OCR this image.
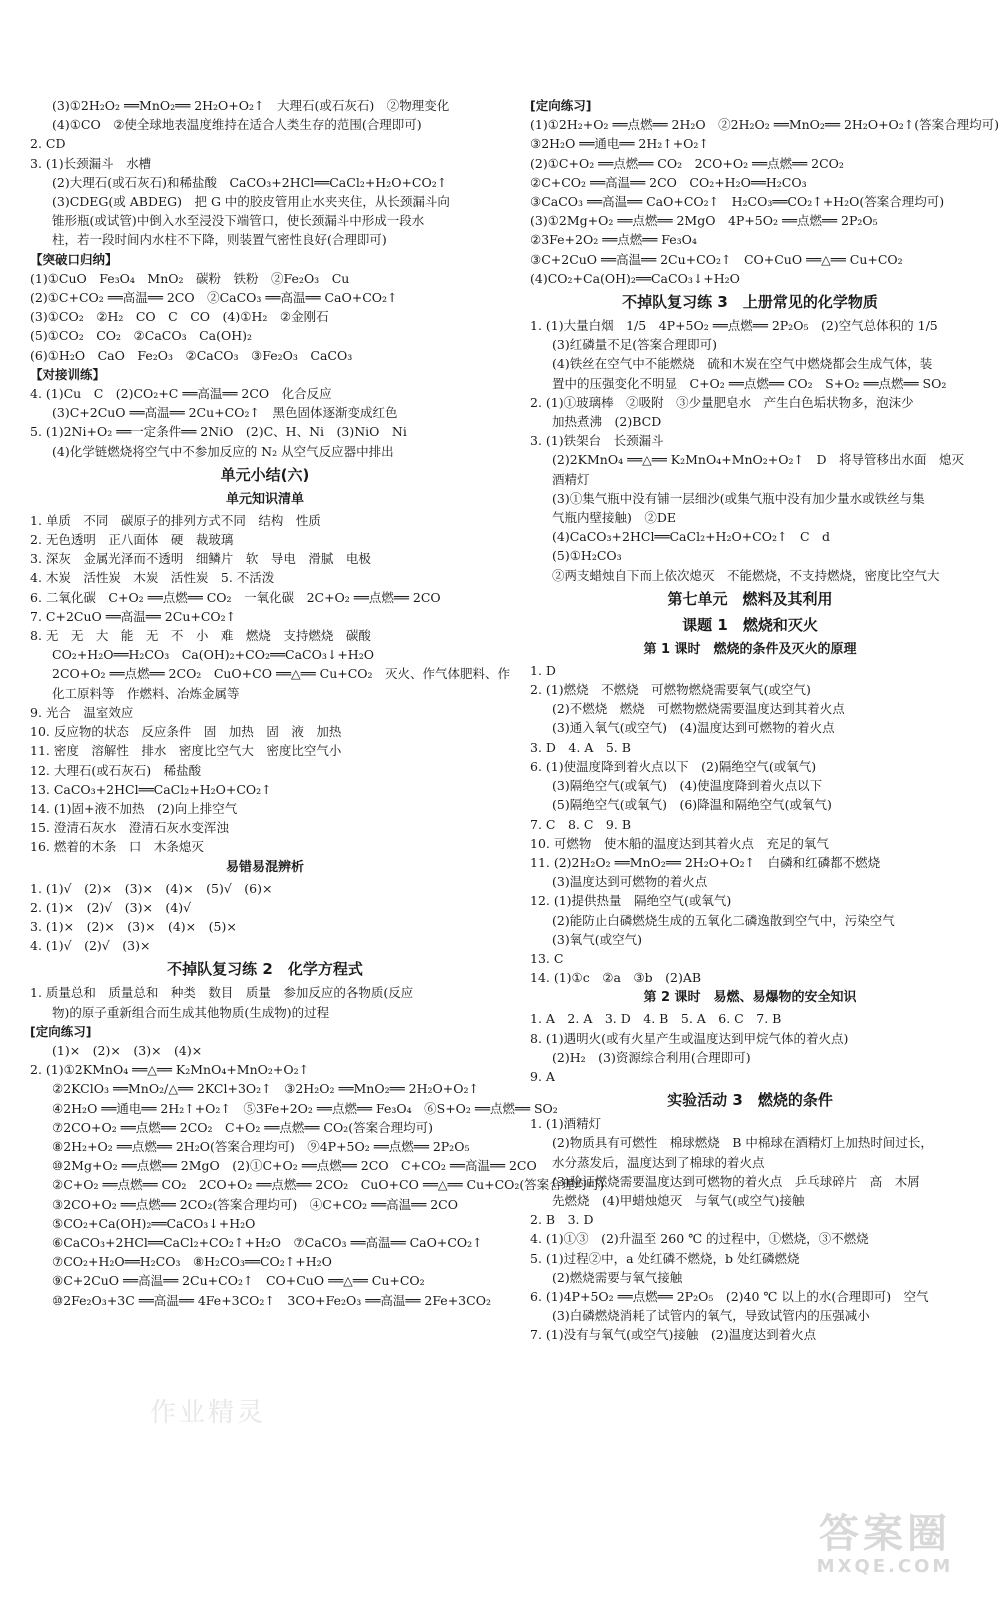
(3)①2H₂O₂ ══MnO₂══ 2H₂O+O₂↑　大理石(或石灰石)　②物理变化
(4)①CO　②使全球地表温度维持在适合人类生存的范围(合理即可)
2. CD
3. (1)长颈漏斗　水槽
(2)大理石(或石灰石)和稀盐酸　CaCO₃+2HCl══CaCl₂+H₂O+CO₂↑
(3)CDEG(或 ABDEG)　把 G 中的胶皮管用止水夹夹住，从长颈漏斗向
锥形瓶(或试管)中倒入水至浸没下端管口，使长颈漏斗中形成一段水
柱，若一段时间内水柱不下降，则装置气密性良好(合理即可)
【突破口归纳】
(1)①CuO　Fe₃O₄　MnO₂　碳粉　铁粉　②Fe₂O₃　Cu
(2)①C+CO₂ ══高温══ 2CO　②CaCO₃ ══高温══ CaO+CO₂↑
(3)①CO₂　②H₂　CO　C　CO　(4)①H₂　②金刚石
(5)①CO₂　CO₂　②CaCO₃　Ca(OH)₂
(6)①H₂O　CaO　Fe₂O₃　②CaCO₃　③Fe₂O₃　CaCO₃
【对接训练】
4. (1)Cu　C　(2)CO₂+C ══高温══ 2CO　化合反应
(3)C+2CuO ══高温══ 2Cu+CO₂↑　黑色固体逐渐变成红色
5. (1)2Ni+O₂ ══一定条件══ 2NiO　(2)C、H、Ni　(3)NiO　Ni
(4)化学链燃烧将空气中不参加反应的 N₂ 从空气反应器中排出
单元小结(六)
单元知识清单
1. 单质　不同　碳原子的排列方式不同　结构　性质
2. 无色透明　正八面体　硬　裁玻璃
3. 深灰　金属光泽而不透明　细鳞片　软　导电　滑腻　电极
4. 木炭　活性炭　木炭　活性炭　5. 不活泼
6. 二氧化碳　C+O₂ ══点燃══ CO₂　一氧化碳　2C+O₂ ══点燃══ 2CO
7. C+2CuO ══高温══ 2Cu+CO₂↑
8. 无　无　大　能　无　不　小　难　燃烧　支持燃烧　碳酸
CO₂+H₂O══H₂CO₃　Ca(OH)₂+CO₂══CaCO₃↓+H₂O
2CO+O₂ ══点燃══ 2CO₂　CuO+CO ══△══ Cu+CO₂　灭火、作气体肥料、作
化工原料等　作燃料、冶炼金属等
9. 光合　温室效应
10. 反应物的状态　反应条件　固　加热　固　液　加热
11. 密度　溶解性　排水　密度比空气大　密度比空气小
12. 大理石(或石灰石)　稀盐酸
13. CaCO₃+2HCl══CaCl₂+H₂O+CO₂↑
14. (1)固+液不加热　(2)向上排空气
15. 澄清石灰水　澄清石灰水变浑浊
16. 燃着的木条　口　木条熄灭
易错易混辨析
1. (1)√　(2)×　(3)×　(4)×　(5)√　(6)×
2. (1)×　(2)√　(3)×　(4)√
3. (1)×　(2)×　(3)×　(4)×　(5)×
4. (1)√　(2)√　(3)×
不掉队复习练 2　化学方程式
1. 质量总和　质量总和　种类　数目　质量　参加反应的各物质(反应
物)的原子重新组合而生成其他物质(生成物)的过程
[定向练习]
(1)×　(2)×　(3)×　(4)×
2. (1)①2KMnO₄ ══△══ K₂MnO₄+MnO₂+O₂↑
②2KClO₃ ══MnO₂/△══ 2KCl+3O₂↑　③2H₂O₂ ══MnO₂══ 2H₂O+O₂↑
④2H₂O ══通电══ 2H₂↑+O₂↑　⑤3Fe+2O₂ ══点燃══ Fe₃O₄　⑥S+O₂ ══点燃══ SO₂
⑦2CO+O₂ ══点燃══ 2CO₂　C+O₂ ══点燃══ CO₂(答案合理均可)
⑧2H₂+O₂ ══点燃══ 2H₂O(答案合理均可)　⑨4P+5O₂ ══点燃══ 2P₂O₅
⑩2Mg+O₂ ══点燃══ 2MgO　(2)①C+O₂ ══点燃══ 2CO　C+CO₂ ══高温══ 2CO
②C+O₂ ══点燃══ CO₂　2CO+O₂ ══点燃══ 2CO₂　CuO+CO ══△══ Cu+CO₂(答案合理均可)
③2CO+O₂ ══点燃══ 2CO₂(答案合理均可)　④C+CO₂ ══高温══ 2CO
⑤CO₂+Ca(OH)₂══CaCO₃↓+H₂O
⑥CaCO₃+2HCl══CaCl₂+CO₂↑+H₂O　⑦CaCO₃ ══高温══ CaO+CO₂↑
⑦CO₂+H₂O══H₂CO₃　⑧H₂CO₃══CO₂↑+H₂O
⑨C+2CuO ══高温══ 2Cu+CO₂↑　CO+CuO ══△══ Cu+CO₂
⑩2Fe₂O₃+3C ══高温══ 4Fe+3CO₂↑　3CO+Fe₂O₃ ══高温══ 2Fe+3CO₂
[定向练习]
(1)①2H₂+O₂ ══点燃══ 2H₂O　②2H₂O₂ ══MnO₂══ 2H₂O+O₂↑(答案合理均可)
③2H₂O ══通电══ 2H₂↑+O₂↑
(2)①C+O₂ ══点燃══ CO₂　2CO+O₂ ══点燃══ 2CO₂
②C+CO₂ ══高温══ 2CO　CO₂+H₂O══H₂CO₃
③CaCO₃ ══高温══ CaO+CO₂↑　H₂CO₃══CO₂↑+H₂O(答案合理均可)
(3)①2Mg+O₂ ══点燃══ 2MgO　4P+5O₂ ══点燃══ 2P₂O₅
②3Fe+2O₂ ══点燃══ Fe₃O₄
③C+2CuO ══高温══ 2Cu+CO₂↑　CO+CuO ══△══ Cu+CO₂
(4)CO₂+Ca(OH)₂══CaCO₃↓+H₂O
不掉队复习练 3　上册常见的化学物质
1. (1)大量白烟　1/5　4P+5O₂ ══点燃══ 2P₂O₅　(2)空气总体积的 1/5
(3)红磷量不足(答案合理即可)
(4)铁丝在空气中不能燃烧　硫和木炭在空气中燃烧都会生成气体，装
置中的压强变化不明显　C+O₂ ══点燃══ CO₂　S+O₂ ══点燃══ SO₂
2. (1)①玻璃棒　②吸附　③少量肥皂水　产生白色垢状物多，泡沫少
加热煮沸　(2)BCD
3. (1)铁架台　长颈漏斗
(2)2KMnO₄ ══△══ K₂MnO₄+MnO₂+O₂↑　D　将导管移出水面　熄灭
酒精灯
(3)①集气瓶中没有铺一层细沙(或集气瓶中没有加少量水或铁丝与集
气瓶内壁接触)　②DE
(4)CaCO₃+2HCl══CaCl₂+H₂O+CO₂↑　C　d
(5)①H₂CO₃
②两支蜡烛自下而上依次熄灭　不能燃烧，不支持燃烧，密度比空气大
第七单元　燃料及其利用
课题 1　燃烧和灭火
第 1 课时　燃烧的条件及灭火的原理
1. D
2. (1)燃烧　不燃烧　可燃物燃烧需要氧气(或空气)
(2)不燃烧　燃烧　可燃物燃烧需要温度达到其着火点
(3)通入氧气(或空气)　(4)温度达到可燃物的着火点
3. D　4. A　5. B
6. (1)使温度降到着火点以下　(2)隔绝空气(或氧气)
(3)隔绝空气(或氧气)　(4)使温度降到着火点以下
(5)隔绝空气(或氧气)　(6)降温和隔绝空气(或氧气)
7. C　8. C　9. B
10. 可燃物　使木船的温度达到其着火点　充足的氧气
11. (2)2H₂O₂ ══MnO₂══ 2H₂O+O₂↑　白磷和红磷都不燃烧
(3)温度达到可燃物的着火点
12. (1)提供热量　隔绝空气(或氧气)
(2)能防止白磷燃烧生成的五氧化二磷逸散到空气中，污染空气
(3)氧气(或空气)
13. C
14. (1)①c　②a　③b　(2)AB
第 2 课时　易燃、易爆物的安全知识
1. A　2. A　3. D　4. B　5. A　6. C　7. B
8. (1)遇明火(或有火星产生或温度达到甲烷气体的着火点)
(2)H₂　(3)资源综合利用(合理即可)
9. A
实验活动 3　燃烧的条件
1. (1)酒精灯
(2)物质具有可燃性　棉球燃烧　B 中棉球在酒精灯上加热时间过长，
水分蒸发后，温度达到了棉球的着火点
(3)验证燃烧需要温度达到可燃物的着火点　乒乓球碎片　高　木屑
先燃烧　(4)甲蜡烛熄灭　与氧气(或空气)接触
2. B　3. D
4. (1)①③　(2)升温至 260 ℃ 的过程中，①燃烧，③不燃烧
5. (1)过程②中，a 处红磷不燃烧，b 处红磷燃烧
(2)燃烧需要与氧气接触
6. (1)4P+5O₂ ══点燃══ 2P₂O₅　(2)40 ℃ 以上的水(合理即可)　空气
(3)白磷燃烧消耗了试管内的氧气，导致试管内的压强减小
7. (1)没有与氧气(或空气)接触　(2)温度达到着火点
作业精灵
答案圈
MXQE.COM
